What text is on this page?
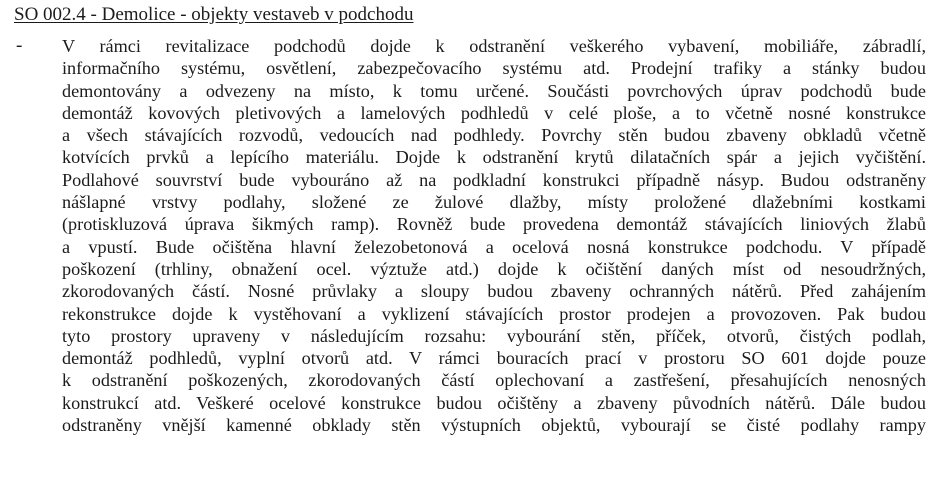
SO 002.4 - Demolice - objekty vestaveb v podchodu
- V rámci revitalizace podchodů dojde k odstranění veškerého vybavení, mobiliáře, zábradlí,
informačního systému, osvětlení, zabezpečovacího systému atd. Prodejní trafiky a stánky budou
demontovány a odvezeny na místo, k tomu určené. Součásti povrchových úprav podchodů bude
demontáž kovových pletivových a lamelových podhledů v celé ploše, a to včetně nosné konstrukce
a všech stávajících rozvodů, vedoucích nad podhledy. Povrchy stěn budou zbaveny obkladů včetně
kotvících prvků a lepícího materiálu. Dojde k odstranění krytů dilatačních spár a jejich vyčištění.
Podlahové souvrství bude vybouráno až na podkladní konstrukci případně násyp. Budou odstraněny
nášlapné vrstvy podlahy, složené ze žulové dlažby, místy proložené dlažebními kostkami
(protiskluzová úprava šikmých ramp). Rovněž bude provedena demontáž stávajících liniových žlabů
a vpustí. Bude očištěna hlavní železobetonová a ocelová nosná konstrukce podchodu. V případě
poškození (trhliny, obnažení ocel. výztuže atd.) dojde k očištění daných míst od nesoudržných,
zkorodovaných částí. Nosné průvlaky a sloupy budou zbaveny ochranných nátěrů. Před zahájením
rekonstrukce dojde k vystěhovaní a vyklizení stávajících prostor prodejen a provozoven. Pak budou
tyto prostory upraveny v následujícím rozsahu: vybourání stěn, příček, otvorů, čistých podlah,
demontáž podhledů, vyplní otvorů atd. V rámci bouracích prací v prostoru SO 601 dojde pouze
k odstranění poškozených, zkorodovaných částí oplechovaní a zastřešení, přesahujících nenosných
konstrukcí atd. Veškeré ocelové konstrukce budou očištěny a zbaveny původních nátěrů. Dále budou
odstraněny vnější kamenné obklady stěn výstupních objektů, vybourají se čisté podlahy rampy
